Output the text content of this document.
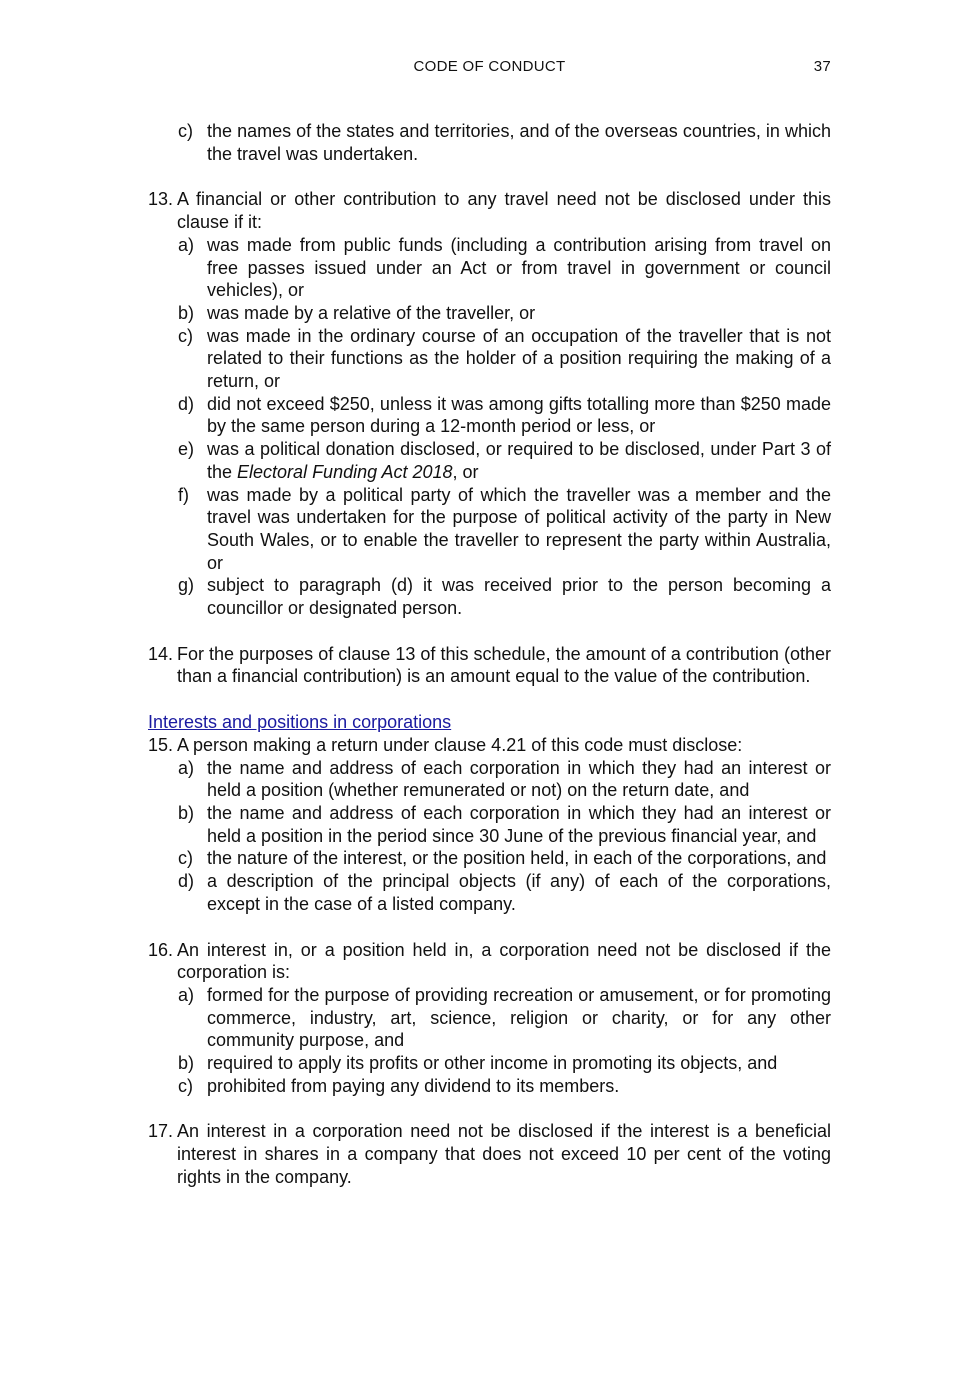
CODE OF CONDUCT	37
c) the names of the states and territories, and of the overseas countries, in which the travel was undertaken.
13. A financial or other contribution to any travel need not be disclosed under this clause if it:
a) was made from public funds (including a contribution arising from travel on free passes issued under an Act or from travel in government or council vehicles), or
b) was made by a relative of the traveller, or
c) was made in the ordinary course of an occupation of the traveller that is not related to their functions as the holder of a position requiring the making of a return, or
d) did not exceed $250, unless it was among gifts totalling more than $250 made by the same person during a 12-month period or less, or
e) was a political donation disclosed, or required to be disclosed, under Part 3 of the Electoral Funding Act 2018, or
f) was made by a political party of which the traveller was a member and the travel was undertaken for the purpose of political activity of the party in New South Wales, or to enable the traveller to represent the party within Australia, or
g) subject to paragraph (d) it was received prior to the person becoming a councillor or designated person.
14. For the purposes of clause 13 of this schedule, the amount of a contribution (other than a financial contribution) is an amount equal to the value of the contribution.
Interests and positions in corporations
15. A person making a return under clause 4.21 of this code must disclose:
a) the name and address of each corporation in which they had an interest or held a position (whether remunerated or not) on the return date, and
b) the name and address of each corporation in which they had an interest or held a position in the period since 30 June of the previous financial year, and
c) the nature of the interest, or the position held, in each of the corporations, and
d) a description of the principal objects (if any) of each of the corporations, except in the case of a listed company.
16. An interest in, or a position held in, a corporation need not be disclosed if the corporation is:
a) formed for the purpose of providing recreation or amusement, or for promoting commerce, industry, art, science, religion or charity, or for any other community purpose, and
b) required to apply its profits or other income in promoting its objects, and
c) prohibited from paying any dividend to its members.
17. An interest in a corporation need not be disclosed if the interest is a beneficial interest in shares in a company that does not exceed 10 per cent of the voting rights in the company.
